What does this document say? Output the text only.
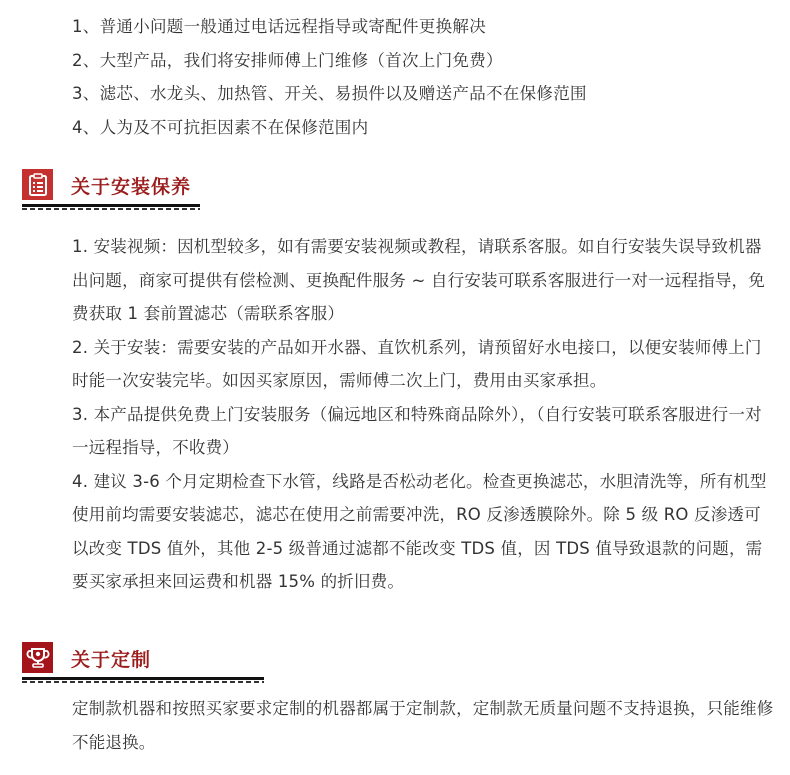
1、普通小问题一般通过电话远程指导或寄配件更换解决
2、大型产品，我们将安排师傅上门维修（首次上门免费）
3、滤芯、水龙头、加热管、开关、易损件以及赠送产品不在保修范围
4、人为及不可抗拒因素不在保修范围内
关于安装保养

1. 安装视频：因机型较多，如有需要安装视频或教程，请联系客服。如自行安装失误导致机器出问题，商家可提供有偿检测、更换配件服务 ~ 自行安装可联系客服进行一对一远程指导，免费获取 1 套前置滤芯（需联系客服）

2. 关于安装：需要安装的产品如开水器、直饮机系列，请预留好水电接口，以便安装师傅上门时能一次安装完毕。如因买家原因，需师傅二次上门，费用由买家承担。

3. 本产品提供免费上门安装服务（偏远地区和特殊商品除外），（自行安装可联系客服进行一对一远程指导，不收费）

4. 建议 3-6 个月定期检查下水管，线路是否松动老化。检查更换滤芯，水胆清洗等，所有机型使用前均需要安装滤芯，滤芯在使用之前需要冲洗，RO 反渗透膜除外。除 5 级 RO 反渗透可以改变 TDS 值外，其他 2-5 级普通过滤都不能改变 TDS 值，因 TDS 值导致退款的问题，需要买家承担来回运费和机器 15% 的折旧费。

关于定制

定制款机器和按照买家要求定制的机器都属于定制款，定制款无质量问题不支持退换，只能维修不能退换。
